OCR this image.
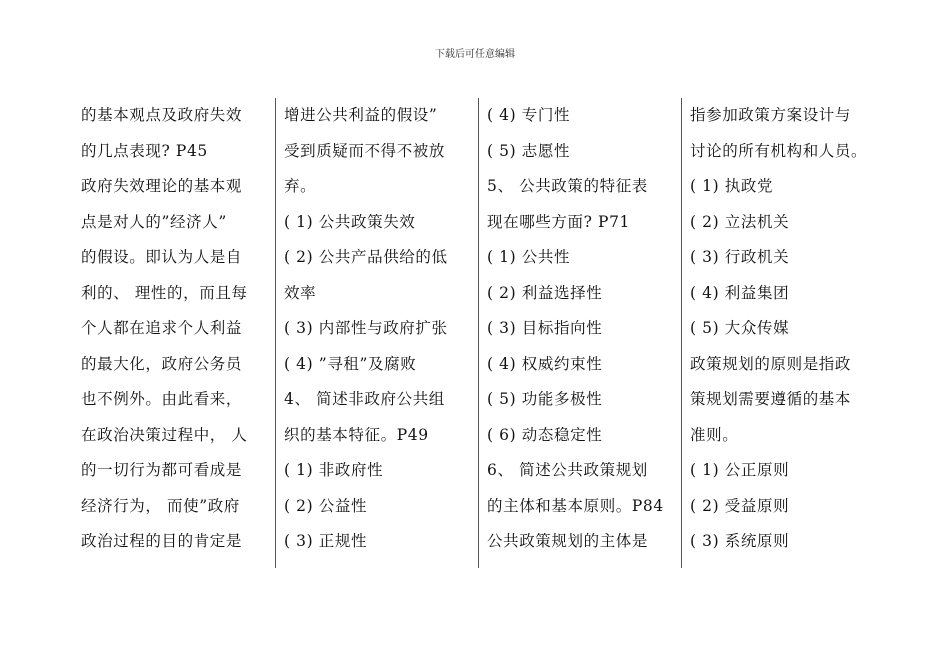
下载后可任意编辑
的基本观点及政府失效
的几点表现? P45
政府失效理论的基本观
点是对人的”经济人”
的假设。即认为人是自
利的、 理性的，而且每
个人都在追求个人利益
的最大化，政府公务员
也不例外。由此看来，
在政治决策过程中， 人
的一切行为都可看成是
经济行为， 而使”政府
政治过程的目的肯定是
增进公共利益的假设”
受到质疑而不得不被放
弃。
( 1) 公共政策失效
( 2) 公共产品供给的低
效率
( 3) 内部性与政府扩张
( 4) ”寻租”及腐败
4、 简述非政府公共组
织的基本特征。P49
( 1) 非政府性
( 2) 公益性
( 3) 正规性
( 4) 专门性
( 5) 志愿性
5、 公共政策的特征表
现在哪些方面? P71
( 1) 公共性
( 2) 利益选择性
( 3) 目标指向性
( 4) 权威约束性
( 5) 功能多极性
( 6) 动态稳定性
6、 简述公共政策规划
的主体和基本原则。P84
公共政策规划的主体是
指参加政策方案设计与
讨论的所有机构和人员。
( 1) 执政党
( 2) 立法机关
( 3) 行政机关
( 4) 利益集团
( 5) 大众传媒
政策规划的原则是指政
策规划需要遵循的基本
准则。
( 1) 公正原则
( 2) 受益原则
( 3) 系统原则
